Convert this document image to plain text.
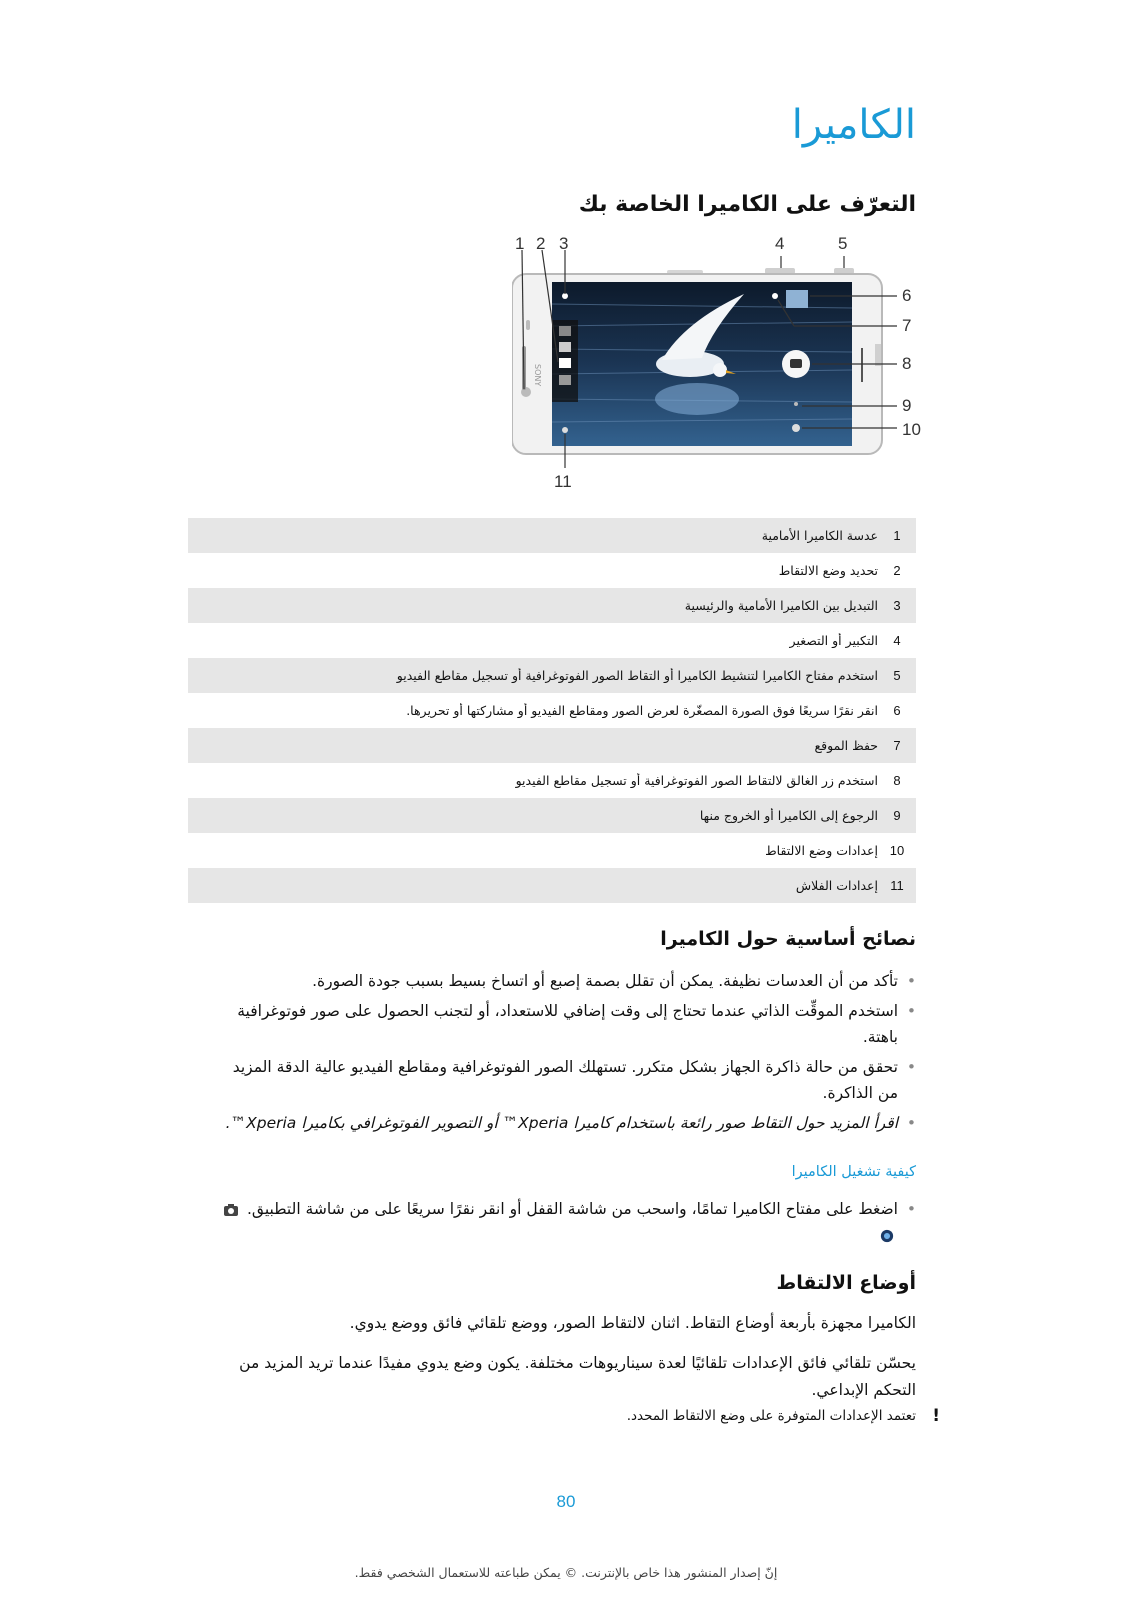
الكاميرا
التعرّف على الكاميرا الخاصة بك
SONY
1 2 3	4	5
6
7
8
9
10
11
1
عدسة الكاميرا الأمامية
2
تحديد وضع الالتقاط
3
التبديل بين الكاميرا الأمامية والرئيسية
4
التكبير أو التصغير
5
استخدم مفتاح الكاميرا لتنشيط الكاميرا أو التقاط الصور الفوتوغرافية أو تسجيل مقاطع الفيديو
6
انقر نقرًا سريعًا فوق الصورة المصغّرة لعرض الصور ومقاطع الفيديو أو مشاركتها أو تحريرها.
7
حفظ الموقع
8
استخدم زر الغالق لالتقاط الصور الفوتوغرافية أو تسجيل مقاطع الفيديو
9
الرجوع إلى الكاميرا أو الخروج منها
10
إعدادات وضع الالتقاط
11
إعدادات الفلاش
نصائح أساسية حول الكاميرا
• تأكد من أن العدسات نظيفة. يمكن أن تقلل بصمة إصبع أو اتساخ بسيط بسبب جودة الصورة.
• استخدم الموقِّت الذاتي عندما تحتاج إلى وقت إضافي للاستعداد، أو لتجنب الحصول على صور فوتوغرافية باهتة.
• تحقق من حالة ذاكرة الجهاز بشكل متكرر. تستهلك الصور الفوتوغرافية ومقاطع الفيديو عالية الدقة المزيد من الذاكرة.
• اقرأ المزيد حول التقاط صور رائعة باستخدام كاميرا Xperia™ أو التصوير الفوتوغرافي بكاميرا Xperia™.
كيفية تشغيل الكاميرا
• اضغط على مفتاح الكاميرا تمامًا، واسحب من شاشة القفل أو انقر نقرًا سريعًا على من شاشة التطبيق.
أوضاع الالتقاط

الكاميرا مجهزة بأربعة أوضاع التقاط. اثنان لالتقاط الصور، ووضع تلقائي فائق ووضع يدوي.

يحسّن تلقائي فائق الإعدادات تلقائيًا لعدة سيناريوهات مختلفة. يكون وضع يدوي مفيدًا عندما تريد المزيد من التحكم الإبداعي.

!
تعتمد الإعدادات المتوفرة على وضع الالتقاط المحدد.
80
إنّ إصدار المنشور هذا خاص بالإنترنت. © يمكن طباعته للاستعمال الشخصي فقط.
